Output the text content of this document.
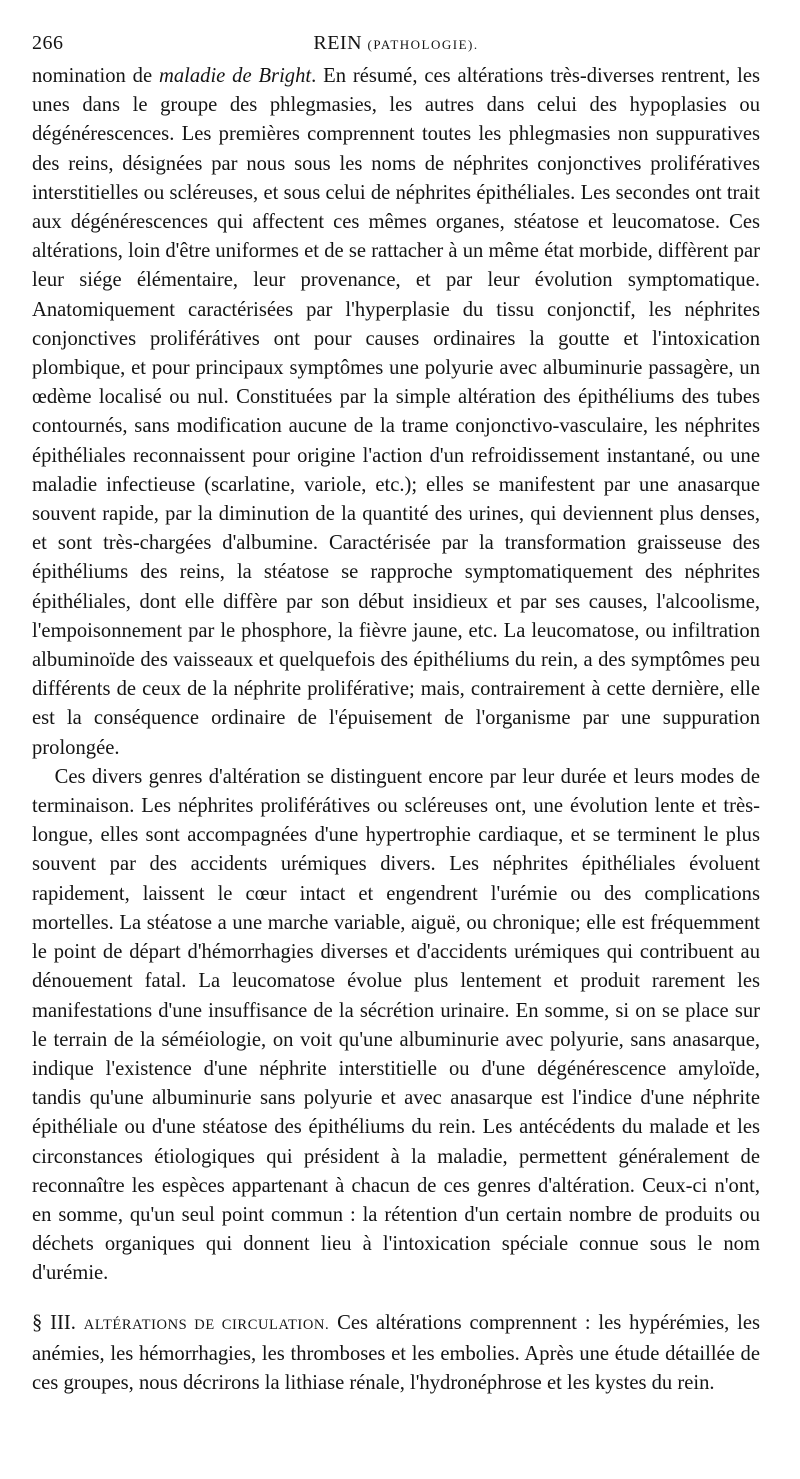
266	REIN (PATHOLOGIE).

nomination de maladie de Bright. En résumé, ces altérations très-diverses rentrent, les unes dans le groupe des phlegmasies, les autres dans celui des hypoplasies ou dégénérescences. Les premières comprennent toutes les phlegmasies non suppuratives des reins, désignées par nous sous les noms de néphrites conjonctives prolifératives interstitielles ou scléreuses, et sous celui de néphrites épithéliales. Les secondes ont trait aux dégénérescences qui affectent ces mêmes organes, stéatose et leucomatose. Ces altérations, loin d'être uniformes et de se rattacher à un même état morbide, diffèrent par leur siége élémentaire, leur provenance, et par leur évolution symptomatique. Anatomiquement caractérisées par l'hyperplasie du tissu conjonctif, les néphrites conjonctives proliférátives ont pour causes ordinaires la goutte et l'intoxication plombique, et pour principaux symptômes une polyurie avec albuminurie passagère, un œdème localisé ou nul. Constituées par la simple altération des épithéliums des tubes contournés, sans modification aucune de la trame conjonctivo-vasculaire, les néphrites épithéliales reconnaissent pour origine l'action d'un refroidissement instantané, ou une maladie infectieuse (scarlatine, variole, etc.); elles se manifestent par une anasarque souvent rapide, par la diminution de la quantité des urines, qui deviennent plus denses, et sont très-chargées d'albumine. Caractérisée par la transformation graisseuse des épithéliums des reins, la stéatose se rapproche symptomatiquement des néphrites épithéliales, dont elle diffère par son début insidieux et par ses causes, l'alcoolisme, l'empoisonnement par le phosphore, la fièvre jaune, etc. La leucomatose, ou infiltration albuminoïde des vaisseaux et quelquefois des épithéliums du rein, a des symptômes peu différents de ceux de la néphrite proliférative; mais, contrairement à cette dernière, elle est la conséquence ordinaire de l'épuisement de l'organisme par une suppuration prolongée.

Ces divers genres d'altération se distinguent encore par leur durée et leurs modes de terminaison. Les néphrites proliférátives ou scléreuses ont, une évolution lente et très-longue, elles sont accompagnées d'une hypertrophie cardiaque, et se terminent le plus souvent par des accidents urémiques divers. Les néphrites épithéliales évoluent rapidement, laissent le cœur intact et engendrent l'urémie ou des complications mortelles. La stéatose a une marche variable, aiguë, ou chronique; elle est fréquemment le point de départ d'hémorrhagies diverses et d'accidents urémiques qui contribuent au dénouement fatal. La leucomatose évolue plus lentement et produit rarement les manifestations d'une insuffisance de la sécrétion urinaire. En somme, si on se place sur le terrain de la séméiologie, on voit qu'une albuminurie avec polyurie, sans anasarque, indique l'existence d'une néphrite interstitielle ou d'une dégénérescence amyloïde, tandis qu'une albuminurie sans polyurie et avec anasarque est l'indice d'une néphrite épithéliale ou d'une stéatose des épithéliums du rein. Les antécédents du malade et les circonstances étiologiques qui président à la maladie, permettent généralement de reconnaître les espèces appartenant à chacun de ces genres d'altération. Ceux-ci n'ont, en somme, qu'un seul point commun : la rétention d'un certain nombre de produits ou déchets organiques qui donnent lieu à l'intoxication spéciale connue sous le nom d'urémie.

§ III. ALTÉRATIONS DE CIRCULATION. Ces altérations comprennent : les hypérémies, les anémies, les hémorrhagies, les thromboses et les embolies. Après une étude détaillée de ces groupes, nous décrirons la lithiase rénale, l'hydronéphrose et les kystes du rein.
